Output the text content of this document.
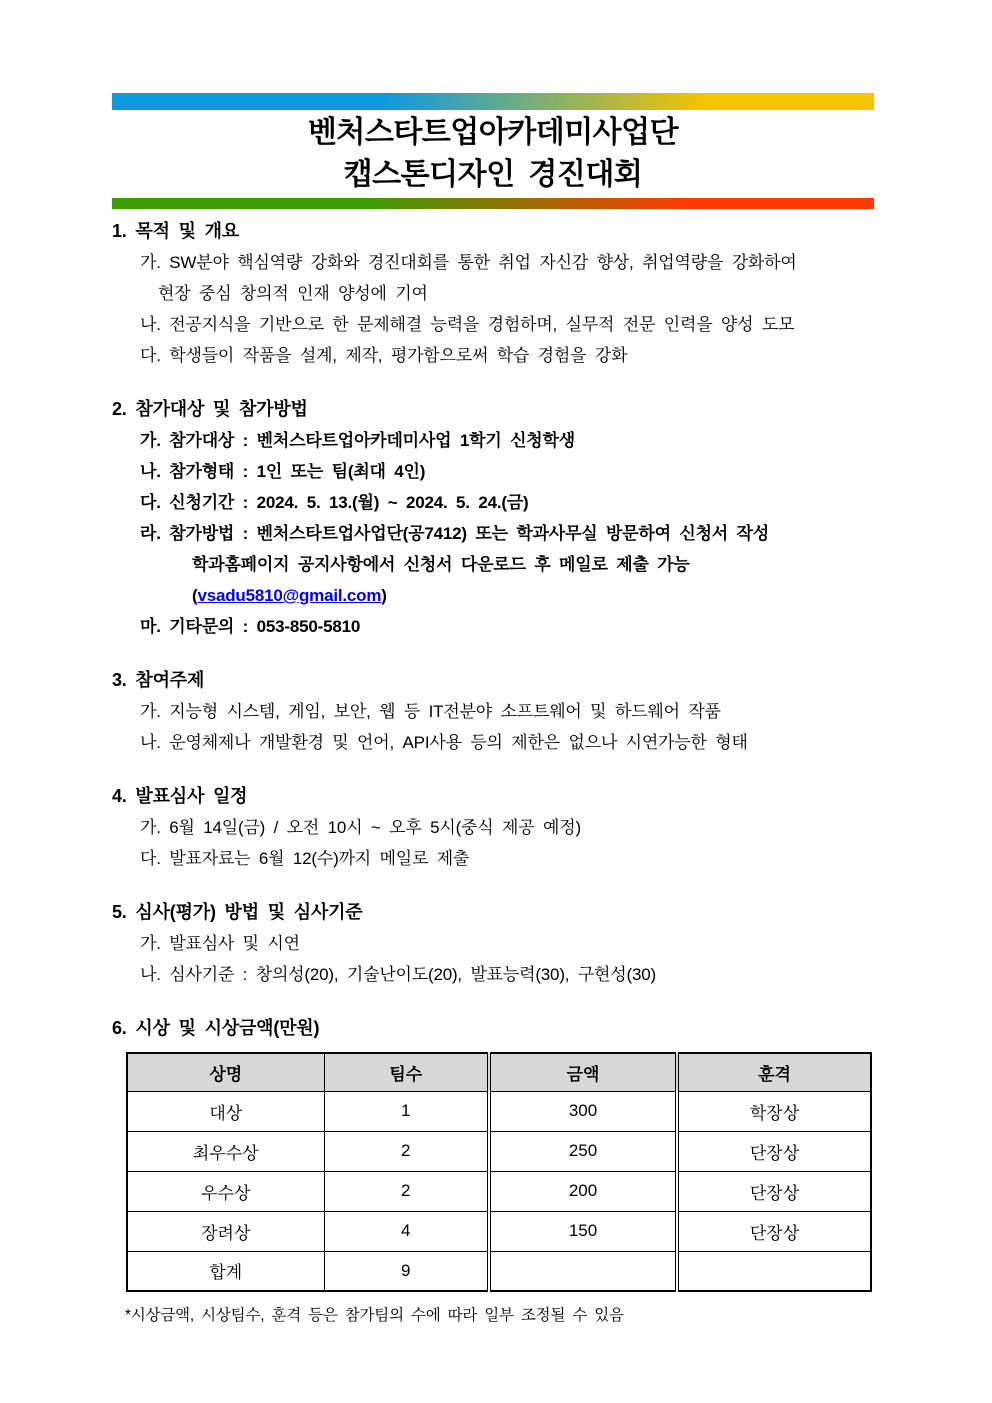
벤처스타트업아카데미사업단
캡스톤디자인 경진대회
1. 목적 및 개요
가. SW분야 핵심역량 강화와 경진대회를 통한 취업 자신감 향상, 취업역량을 강화하여
현장 중심 창의적 인재 양성에 기여
나. 전공지식을 기반으로 한 문제해결 능력을 경험하며, 실무적 전문 인력을 양성 도모
다. 학생들이 작품을 설계, 제작, 평가함으로써 학습 경험을 강화
2. 참가대상 및 참가방법
가. 참가대상 : 벤처스타트업아카데미사업 1학기 신청학생
나. 참가형태 : 1인 또는 팀(최대 4인)
다. 신청기간 : 2024. 5. 13.(월) ~ 2024. 5. 24.(금)
라. 참가방법 : 벤처스타트업사업단(공7412) 또는 학과사무실 방문하여 신청서 작성
학과홈페이지 공지사항에서 신청서 다운로드 후 메일로 제출 가능(vsadu5810@gmail.com)
마. 기타문의 : 053-850-5810
3. 참여주제
가. 지능형 시스템, 게임, 보안, 웹 등 IT전분야 소프트웨어 및 하드웨어 작품
나. 운영체제나 개발환경 및 언어, API사용 등의 제한은 없으나 시연가능한 형태
4. 발표심사 일정
가. 6월 14일(금) / 오전 10시 ~ 오후 5시(중식 제공 예정)
다. 발표자료는 6월 12(수)까지 메일로 제출
5. 심사(평가) 방법 및 심사기준
가. 발표심사 및 시연
나. 심사기준 : 창의성(20), 기술난이도(20), 발표능력(30), 구현성(30)
6. 시상 및 시상금액(만원)
상명	팀수	금액	훈격
대상	1	300	학장상
최우수상	2	250	단장상
우수상	2	200	단장상
장려상	4	150	단장상
합계	9		
*시상금액, 시상팀수, 훈격 등은 참가팀의 수에 따라 일부 조정될 수 있음
